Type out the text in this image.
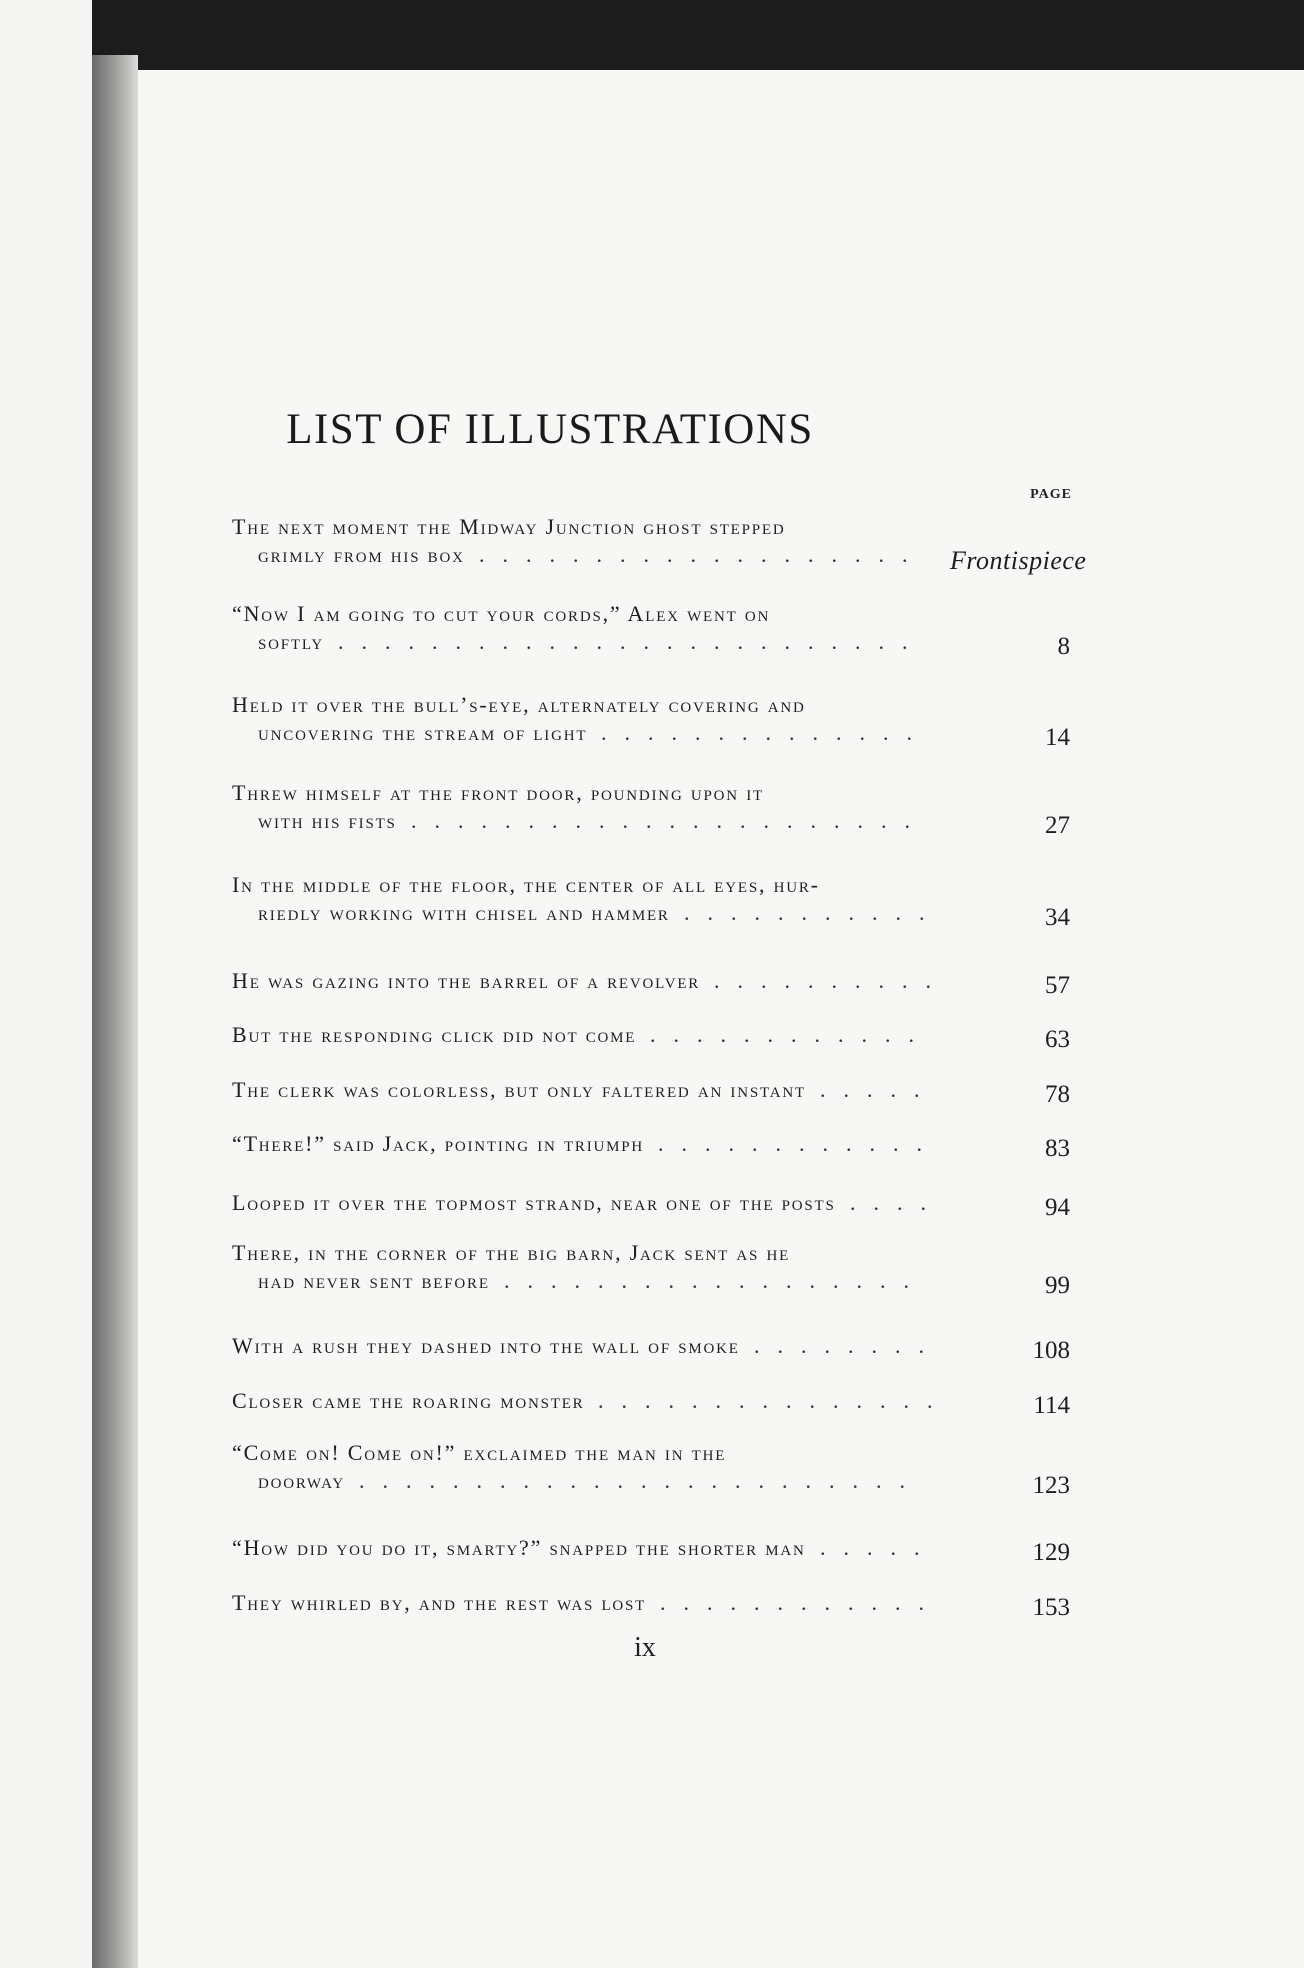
LIST OF ILLUSTRATIONS
PAGE
The next moment the Midway Junction ghost stepped
grimly from his box	Frontispiece
...................
“Now I am going to cut your cords,” Alex went on
softly	8
.........................
Held it over the bull’s-eye, alternately covering and
uncovering the stream of light	14
..............
Threw himself at the front door, pounding upon it
with his fists	27
......................
In the middle of the floor, the center of all eyes, hur-
riedly working with chisel and hammer	34
...........
He was gazing into the barrel of a revolver	57
..........
But the responding click did not come	63
............
The clerk was colorless, but only faltered an instant	78
.....
“There!” said Jack, pointing in triumph	83
............
Looped it over the topmost strand, near one of the posts	94
....
There, in the corner of the big barn, Jack sent as he
had never sent before	99
..................
With a rush they dashed into the wall of smoke	108
........
Closer came the roaring monster	114
...............
“Come on! Come on!” exclaimed the man in the
doorway	123
........................
“How did you do it, smarty?” snapped the shorter man	129
.....
They whirled by, and the rest was lost	153
............
ix
